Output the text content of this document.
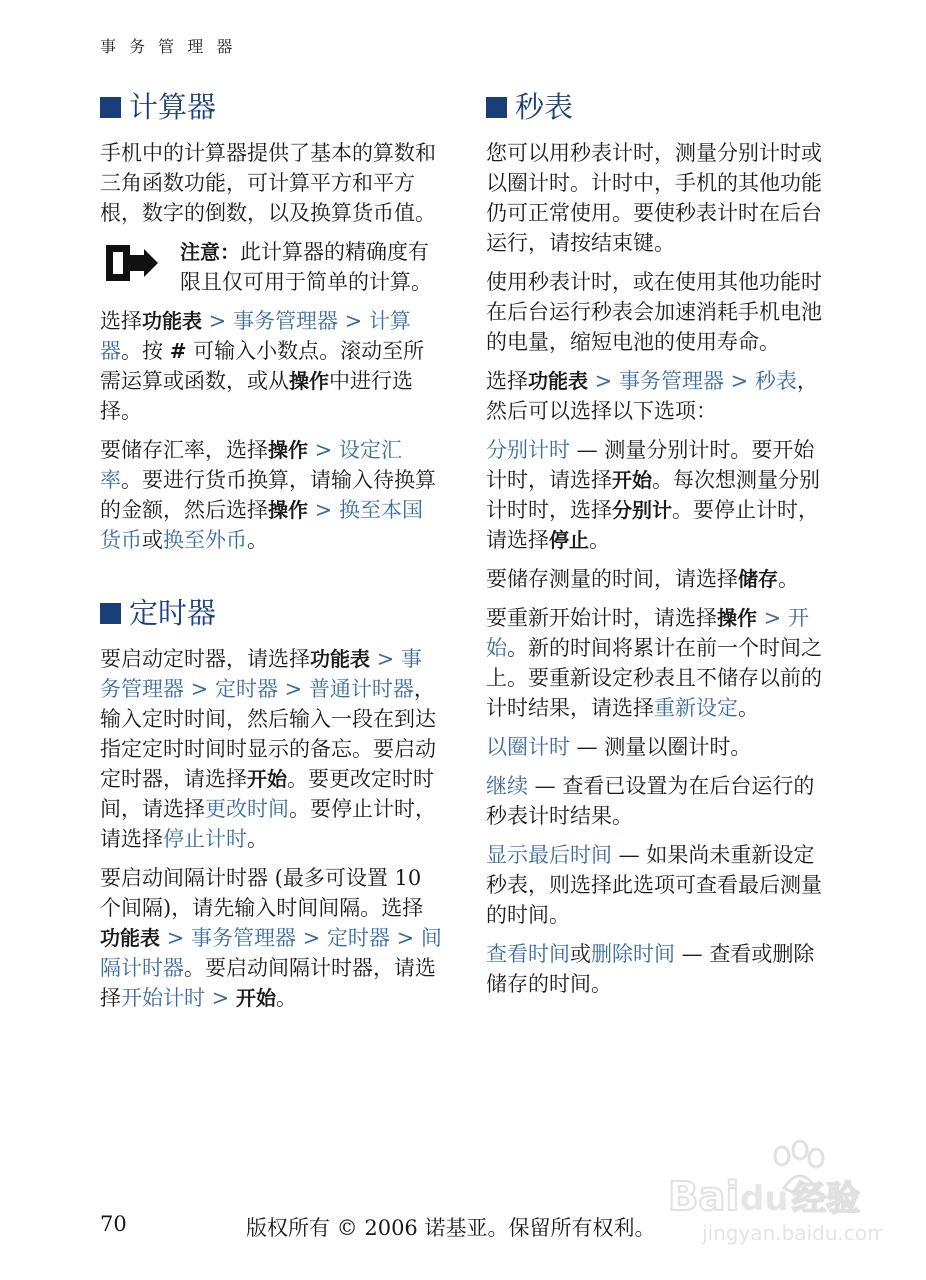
事 务 管 理 器
计算器

手机中的计算器提供了基本的算数和三角函数功能，可计算平方和平方根，数字的倒数，以及换算货币值。

注意：此计算器的精确度有限且仅可用于简单的计算。

选择功能表 > 事务管理器 > 计算器。按 # 可输入小数点。滚动至所需运算或函数，或从操作中进行选择。

要储存汇率，选择操作 > 设定汇率。要进行货币换算，请输入待换算的金额，然后选择操作 > 换至本国货币或换至外币。

定时器

要启动定时器，请选择功能表 > 事务管理器 > 定时器 > 普通计时器，输入定时时间，然后输入一段在到达指定定时时间时显示的备忘。要启动定时器，请选择开始。要更改定时时间，请选择更改时间。要停止计时，请选择停止计时。

要启动间隔计时器 (最多可设置 10 个间隔)，请先输入时间间隔。选择功能表 > 事务管理器 > 定时器 > 间隔计时器。要启动间隔计时器，请选择开始计时 > 开始。

秒表

您可以用秒表计时，测量分别计时或以圈计时。计时中，手机的其他功能仍可正常使用。要使秒表计时在后台运行，请按结束键。

使用秒表计时，或在使用其他功能时在后台运行秒表会加速消耗手机电池的电量，缩短电池的使用寿命。

选择功能表 > 事务管理器 > 秒表，然后可以选择以下选项：

分别计时 — 测量分别计时。要开始计时，请选择开始。每次想测量分别计时时，选择分别计。要停止计时，请选择停止。

要储存测量的时间，请选择储存。

要重新开始计时，请选择操作 > 开始。新的时间将累计在前一个时间之上。要重新设定秒表且不储存以前的计时结果，请选择重新设定。

以圈计时 — 测量以圈计时。

继续 — 查看已设置为在后台运行的秒表计时结果。

显示最后时间 — 如果尚未重新设定秒表，则选择此选项可查看最后测量的时间。

查看时间或删除时间 — 查看或删除储存的时间。

Bai du 经验
jingyan.baidu.com
70	版权所有 © 2006 诺基亚。保留所有权利。
